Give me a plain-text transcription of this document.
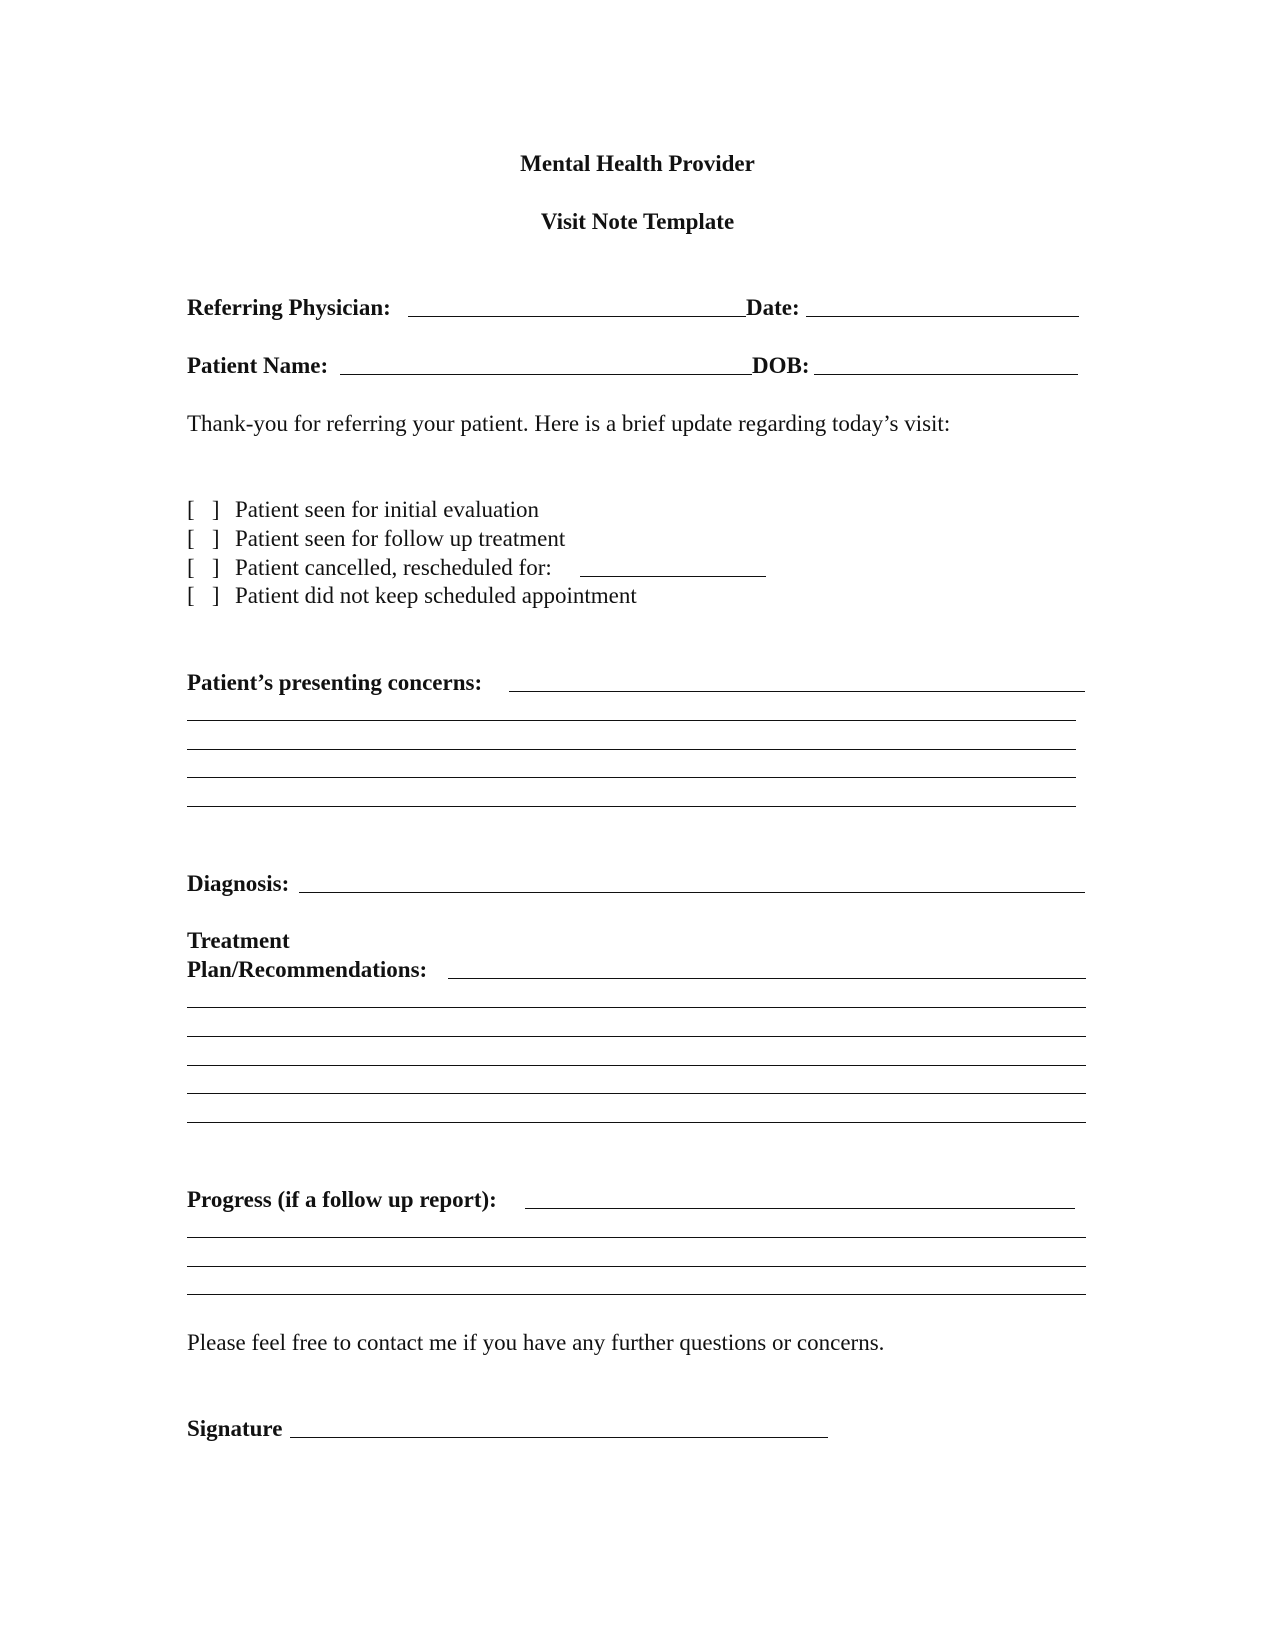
Mental Health Provider
Visit Note Template
Referring Physician:	Date:
Patient Name:	DOB:
Thank-you for referring your patient. Here is a brief update regarding today’s visit:
[   ] Patient seen for initial evaluation
[   ] Patient seen for follow up treatment
[   ] Patient cancelled, rescheduled for:
[   ] Patient did not keep scheduled appointment
Patient’s presenting concerns:
Diagnosis:
Treatment
Plan/Recommendations:
Progress (if a follow up report):
Please feel free to contact me if you have any further questions or concerns.
Signature
